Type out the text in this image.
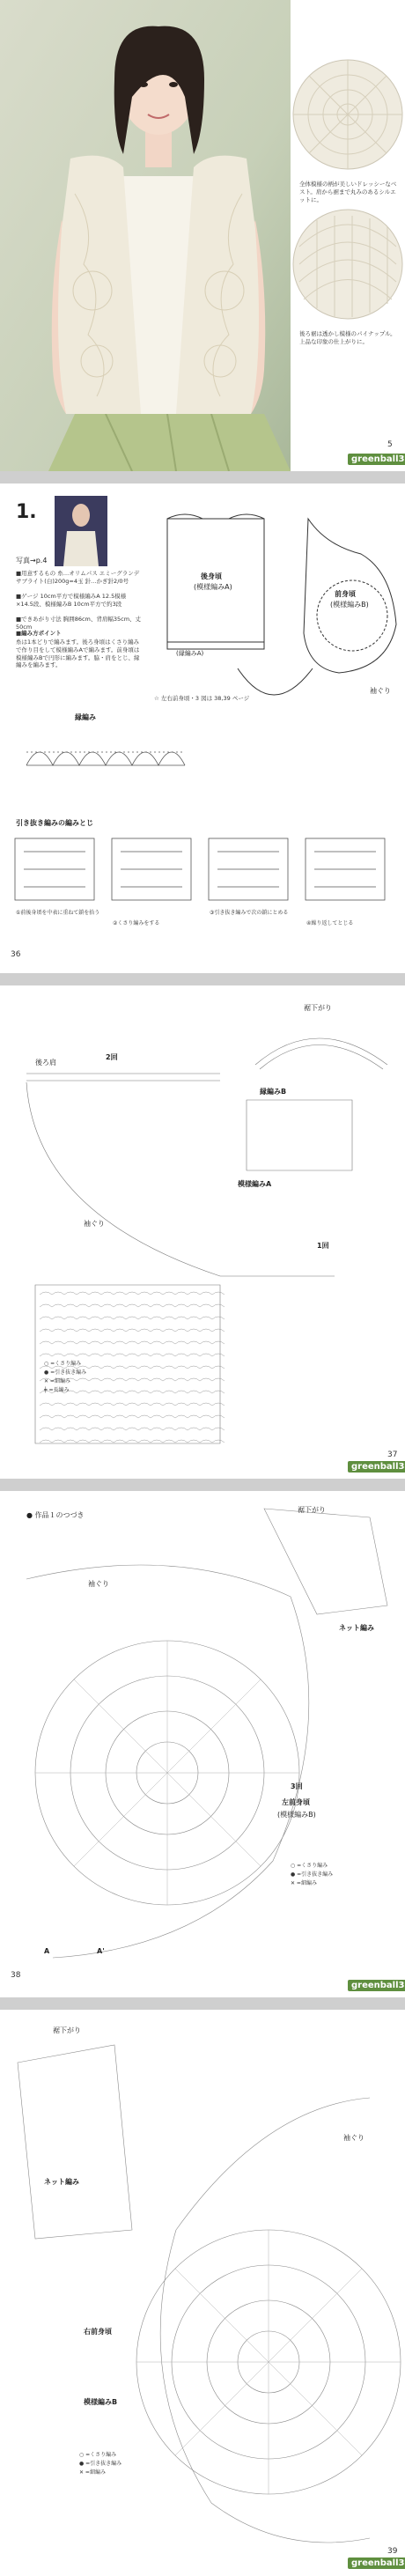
全体模様の柄が美しいドレッシーなベスト。肩から裾まで丸みのあるシルエットに。
後ろ裾は透かし模様のパイナップル。上品な印象の仕上がりに。
5
greenball3
1.
写真→p.4
■用意するもの 糸…オリムパス エミーグランデ サブライト(白)200g=4玉 針…かぎ針2/0号
■ゲージ 10cm平方で模様編みA 12.5模様×14.5段、模様編みB 10cm平方で約3段
■できあがり寸法 胸囲86cm、背肩幅35cm、丈50cm
■編み方ポイント
糸は1本どりで編みます。後ろ身頃はくさり編みで作り目をして模様編みAで編みます。前身頃は模様編みBで円形に編みます。脇・肩をとじ、縁編みを編みます。
後身頃
(模様編みA)
(縁編みA)
前身頃
(模様編みB)
袖ぐり
☆ 左右前身頃・3 図は 38,39 ページ
縁編み
引き抜き編みの編みとじ
①前後身頃を中表に重ねて鎖を拾う
②くさり編みをする
③引き抜き編みで次の鎖にとめる
④繰り返してとじる
36
裾下がり
後ろ肩
2回
縁編みB
模様編みA
袖ぐり
1回
○ =くさり編み
● =引き抜き編み
✕ =細編み
╪ =長編み
37
greenball3
● 作品１のつづき
裾下がり
ネット編み
袖ぐり
3回
左前身頃
(模様編みB)
A	A'
○ =くさり編み
● =引き抜き編み
✕ =細編み
38
greenball3
裾下がり
ネット編み
袖ぐり
右前身頃
模様編みB
○ =くさり編み
● =引き抜き編み
✕ =細編み
39
greenball3
